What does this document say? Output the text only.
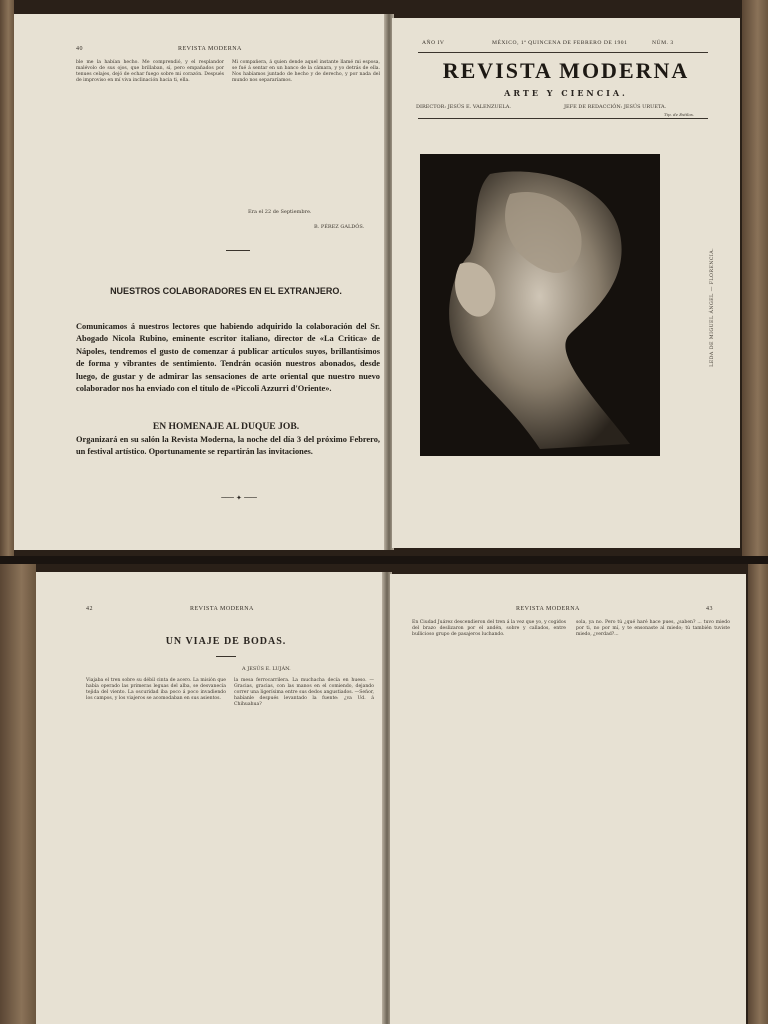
40	REVISTA MODERNA
ble me la habían hecho. Me comprendió, y el resplandor malévolo de sus ojos, que brillaban, sí, pero empañados por tenues celajes, dejó de echar fuego sobre mi corazón. Después de improviso en mí viva inclinación hacia ti, ella.
Mi compañera, á quien dende aquel instante llamé mi esposa, se fué á sentar en un banco de la cámara, y yo detrás de ella. Nos habíamos juntado de hecho y de derecho, y por nada del mundo nos separaríamos.
Era el 22 de Septiembre.
B. PÉREZ GALDÓS.
NUESTROS COLABORADORES EN EL EXTRANJERO.
Comunicamos á nuestros lectores que habiendo adquirido la colaboración del Sr. Abogado Nicola Rubino, eminente escritor italiano, director de «La Critica» de Nápoles, tendremos el gusto de comenzar á publicar artículos suyos, brillantísimos de forma y vibrantes de sentimiento. Tendrán ocasión nuestros abonados, desde luego, de gustar y de admirar las sensaciones de arte oriental que nuestro nuevo colaborador nos ha enviado con el título de «Piccoli Azzurri d'Oriente».
EN HOMENAJE AL DUQUE JOB.
Organizará en su salón la Revista Moderna, la noche del día 3 del próximo Febrero, un festival artístico. Oportunamente se repartirán las invitaciones.
─── ✦ ───
AÑO IV	MÉXICO, 1ª QUINCENA DE FEBRERO DE 1901	NÚM. 3
REVISTA MODERNA
ARTE Y CIENCIA.
DIRECTOR: JESÚS E. VALENZUELA.	JEFE DE REDACCIÓN: JESÚS URUETA.
Tip. de Estilos.
LEDA DE MIGUEL ÁNGEL — FLORENCIA.
42	REVISTA MODERNA
UN VIAJE DE BODAS.
A JESÚS E. LUJÁN.
Viajaba el tren sobre su débil cinta de acero. La misión que había operado las primeras leguas del alba, se desvanecía tejida del viento. La oscuridad iba poco á poco invadiendo los campos, y los viajeros se acomodaban en sus asientos.
la mesa ferrocarrilera. La muchacha decía en hueso. —Gracias, gracias, con las manos en el comiendo, dejando correr una ligerísima entre sus dedos angustiados. —Señor, habíanle después levantado la fuente: ¿va Ud. á Chihuahua?
REVISTA MODERNA	43
En Ciudad Juárez descendieron del tren á la vez que yo, y cogidos del brazo deslizaron por el andén, sobre y callados, entre bullicioso grupo de pasajeros luchando.
sola, ya no. Pero tú ¿qué haré hace pues, ¿saben? ... tuvo miedo por ti, no por mí, y te ensonaste al miedo; tú también tuviste miedo, ¿verdad?...
